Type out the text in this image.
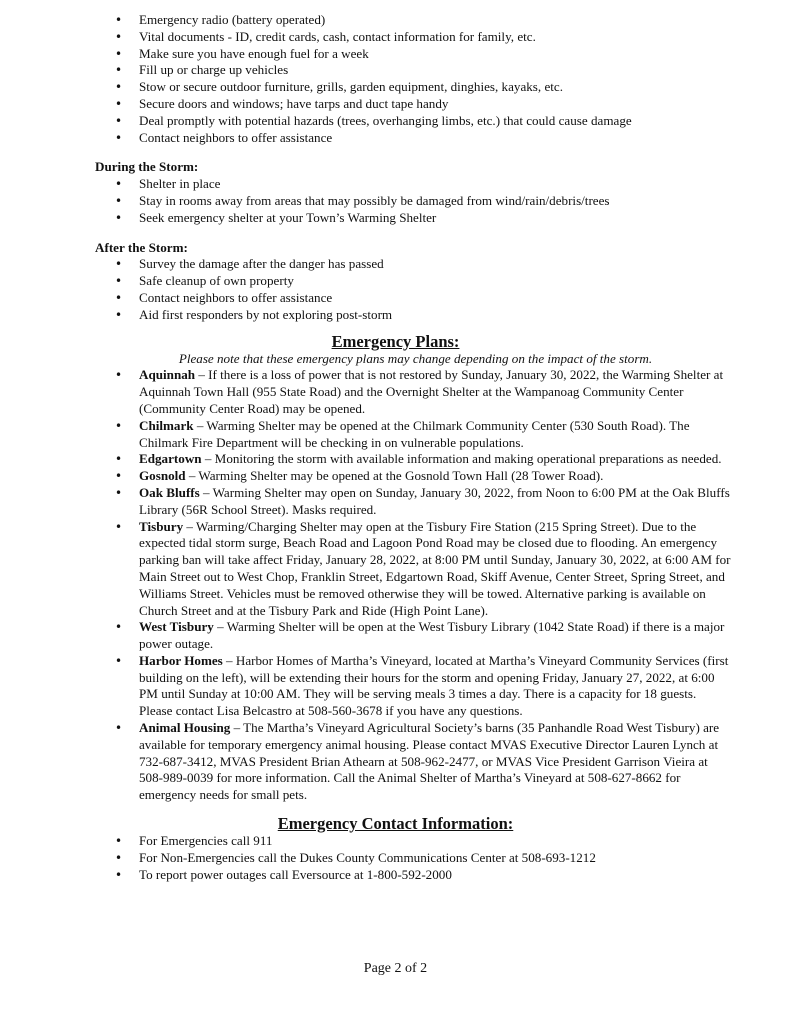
• Emergency radio (battery operated)
• Vital documents - ID, credit cards, cash, contact information for family, etc.
• Make sure you have enough fuel for a week
• Fill up or charge up vehicles
• Stow or secure outdoor furniture, grills, garden equipment, dinghies, kayaks, etc.
• Secure doors and windows; have tarps and duct tape handy
• Deal promptly with potential hazards (trees, overhanging limbs, etc.) that could cause damage
• Contact neighbors to offer assistance
During the Storm:
• Shelter in place
• Stay in rooms away from areas that may possibly be damaged from wind/rain/debris/trees
• Seek emergency shelter at your Town’s Warming Shelter
After the Storm:
• Survey the damage after the danger has passed
• Safe cleanup of own property
• Contact neighbors to offer assistance
• Aid first responders by not exploring post-storm
Emergency Plans:
Please note that these emergency plans may change depending on the impact of the storm.
• Aquinnah – If there is a loss of power that is not restored by Sunday, January 30, 2022, the Warming Shelter at Aquinnah Town Hall (955 State Road) and the Overnight Shelter at the Wampanoag Community Center (Community Center Road) may be opened.
• Chilmark – Warming Shelter may be opened at the Chilmark Community Center (530 South Road). The Chilmark Fire Department will be checking in on vulnerable populations.
• Edgartown – Monitoring the storm with available information and making operational preparations as needed.
• Gosnold – Warming Shelter may be opened at the Gosnold Town Hall (28 Tower Road).
• Oak Bluffs – Warming Shelter may open on Sunday, January 30, 2022, from Noon to 6:00 PM at the Oak Bluffs Library (56R School Street). Masks required.
• Tisbury – Warming/Charging Shelter may open at the Tisbury Fire Station (215 Spring Street). Due to the expected tidal storm surge, Beach Road and Lagoon Pond Road may be closed due to flooding. An emergency parking ban will take affect Friday, January 28, 2022, at 8:00 PM until Sunday, January 30, 2022, at 6:00 AM for Main Street out to West Chop, Franklin Street, Edgartown Road, Skiff Avenue, Center Street, Spring Street, and Williams Street. Vehicles must be removed otherwise they will be towed. Alternative parking is available on Church Street and at the Tisbury Park and Ride (High Point Lane).
• West Tisbury – Warming Shelter will be open at the West Tisbury Library (1042 State Road) if there is a major power outage.
• Harbor Homes – Harbor Homes of Martha’s Vineyard, located at Martha’s Vineyard Community Services (first building on the left), will be extending their hours for the storm and opening Friday, January 27, 2022, at 6:00 PM until Sunday at 10:00 AM. They will be serving meals 3 times a day. There is a capacity for 18 guests. Please contact Lisa Belcastro at 508-560-3678 if you have any questions.
• Animal Housing – The Martha’s Vineyard Agricultural Society’s barns (35 Panhandle Road West Tisbury) are available for temporary emergency animal housing. Please contact MVAS Executive Director Lauren Lynch at 732-687-3412, MVAS President Brian Athearn at 508-962-2477, or MVAS Vice President Garrison Vieira at 508-989-0039 for more information. Call the Animal Shelter of Martha’s Vineyard at 508-627-8662 for emergency needs for small pets.
Emergency Contact Information:
• For Emergencies call 911
• For Non-Emergencies call the Dukes County Communications Center at 508-693-1212
• To report power outages call Eversource at 1-800-592-2000
Page 2 of 2
